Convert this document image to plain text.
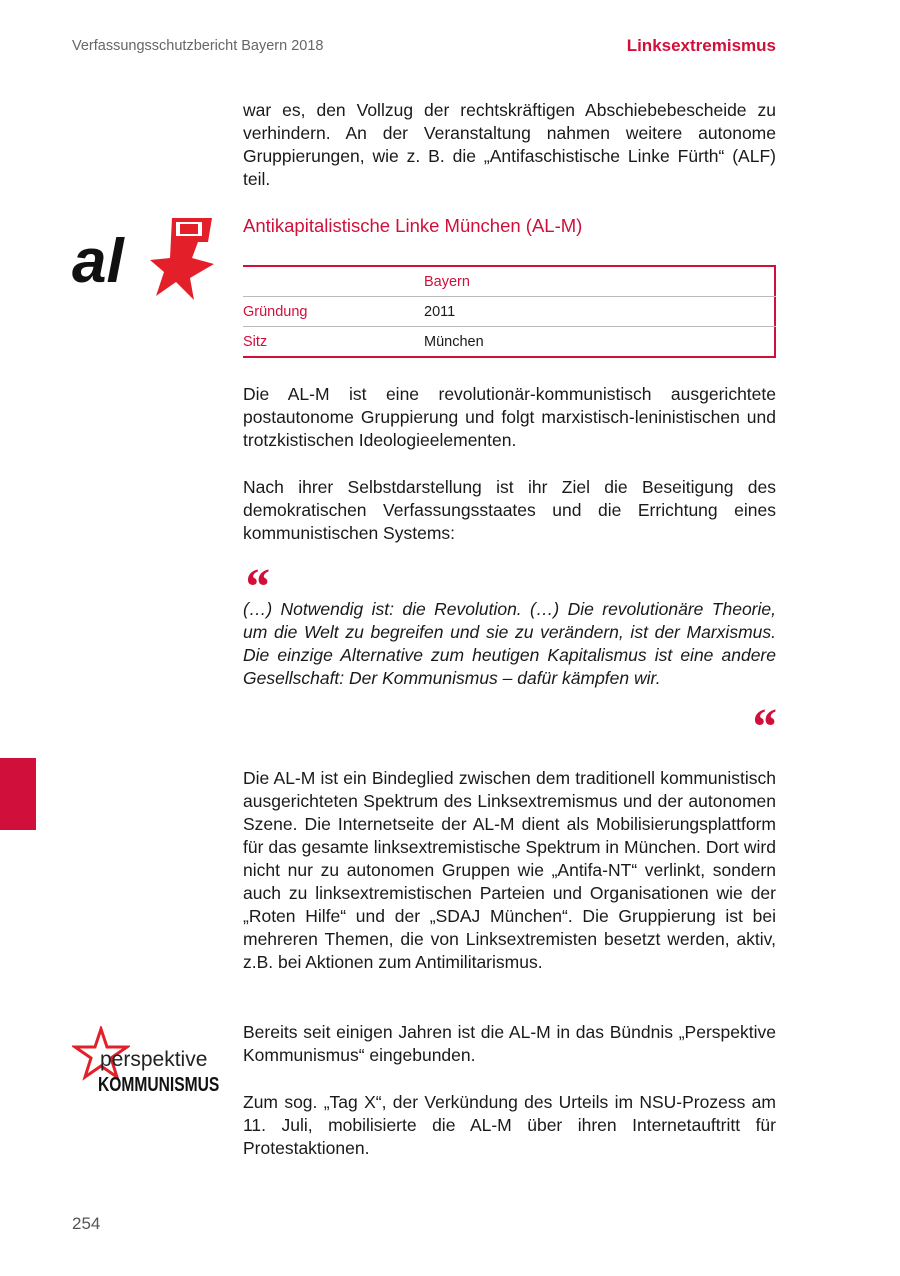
Verfassungsschutzbericht Bayern 2018	Linksextremismus

war es, den Vollzug der rechtskräftigen Abschiebebescheide zu verhindern. An der Veranstaltung nahmen weitere autonome Gruppierungen, wie z. B. die „Antifaschistische Linke Fürth“ (ALF) teil.

al
Antikapitalistische Linke München (AL-M)
	Bayern
Gründung	2011
Sitz	München

Die AL-M ist eine revolutionär-kommunistisch ausgerichtete postautonome Gruppierung und folgt marxistisch-leninistischen und trotzkistischen Ideologieelementen.

Nach ihrer Selbstdarstellung ist ihr Ziel die Beseitigung des demokratischen Verfassungsstaates und die Errichtung eines kommunistischen Systems:

“

(…) Notwendig ist: die Revolution. (…) Die revolutionäre Theorie, um die Welt zu begreifen und sie zu verändern, ist der Marxismus. Die einzige Alternative zum heutigen Kapitalismus ist eine andere Gesellschaft: Der Kommunismus – dafür kämpfen wir.

“

Die AL-M ist ein Bindeglied zwischen dem traditionell kommunistisch ausgerichteten Spektrum des Linksextremismus und der autonomen Szene. Die Internetseite der AL-M dient als Mobilisierungsplattform für das gesamte linksextremistische Spektrum in München. Dort wird nicht nur zu autonomen Gruppen wie „Antifa-NT“ verlinkt, sondern auch zu linksextremistischen Parteien und Organisationen wie der „Roten Hilfe“ und der „SDAJ München“. Die Gruppierung ist bei mehreren Themen, die von Linksextremisten besetzt werden, aktiv, z.B. bei Aktionen zum Antimilitarismus.

Bereits seit einigen Jahren ist die AL-M in das Bündnis „Perspektive Kommunismus“ eingebunden.

Zum sog. „Tag X“, der Verkündung des Urteils im NSU-Prozess am 11. Juli, mobilisierte die AL-M über ihren Internetauftritt für Protestaktionen.

perspektive
KOMMUNISMUS
254
